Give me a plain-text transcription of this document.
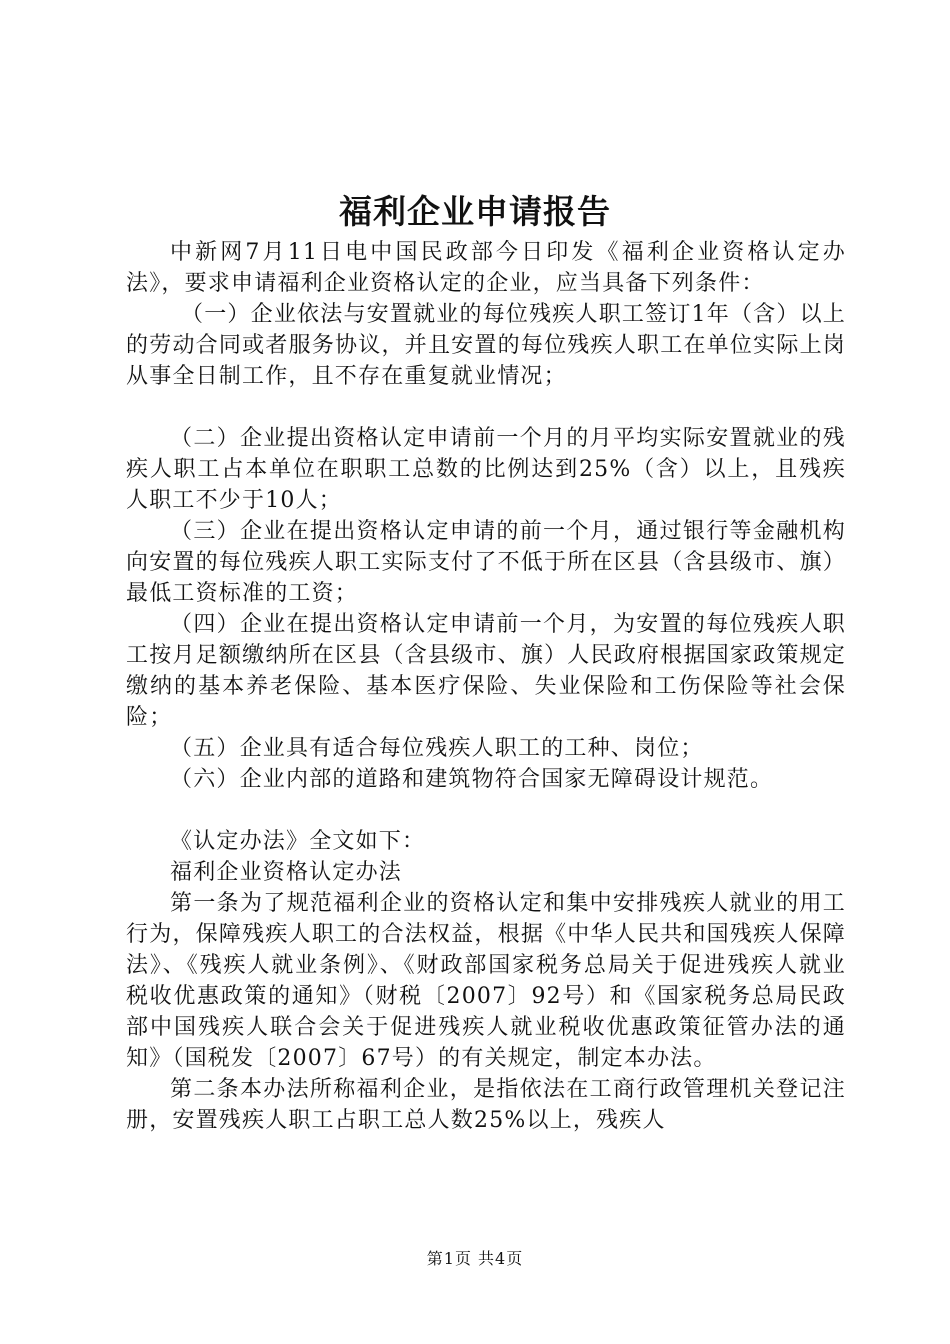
福利企业申请报告

中新网7月11日电中国民政部今日印发《福利企业资格认定办法》，要求申请福利企业资格认定的企业，应当具备下列条件：

（一）企业依法与安置就业的每位残疾人职工签订1年（含）以上的劳动合同或者服务协议，并且安置的每位残疾人职工在单位实际上岗从事全日制工作，且不存在重复就业情况；

（二）企业提出资格认定申请前一个月的月平均实际安置就业的残疾人职工占本单位在职职工总数的比例达到25%（含）以上，且残疾人职工不少于10人；

（三）企业在提出资格认定申请的前一个月，通过银行等金融机构向安置的每位残疾人职工实际支付了不低于所在区县（含县级市、旗）最低工资标准的工资；

（四）企业在提出资格认定申请前一个月，为安置的每位残疾人职工按月足额缴纳所在区县（含县级市、旗）人民政府根据国家政策规定缴纳的基本养老保险、基本医疗保险、失业保险和工伤保险等社会保险；

（五）企业具有适合每位残疾人职工的工种、岗位；

（六）企业内部的道路和建筑物符合国家无障碍设计规范。

《认定办法》全文如下：

福利企业资格认定办法

第一条为了规范福利企业的资格认定和集中安排残疾人就业的用工行为，保障残疾人职工的合法权益，根据《中华人民共和国残疾人保障法》、《残疾人就业条例》、《财政部国家税务总局关于促进残疾人就业税收优惠政策的通知》（财税〔2007〕92号）和《国家税务总局民政部中国残疾人联合会关于促进残疾人就业税收优惠政策征管办法的通知》（国税发〔2007〕67号）的有关规定，制定本办法。

第二条本办法所称福利企业，是指依法在工商行政管理机关登记注册，安置残疾人职工占职工总人数25%以上，残疾人

第1页 共4页
